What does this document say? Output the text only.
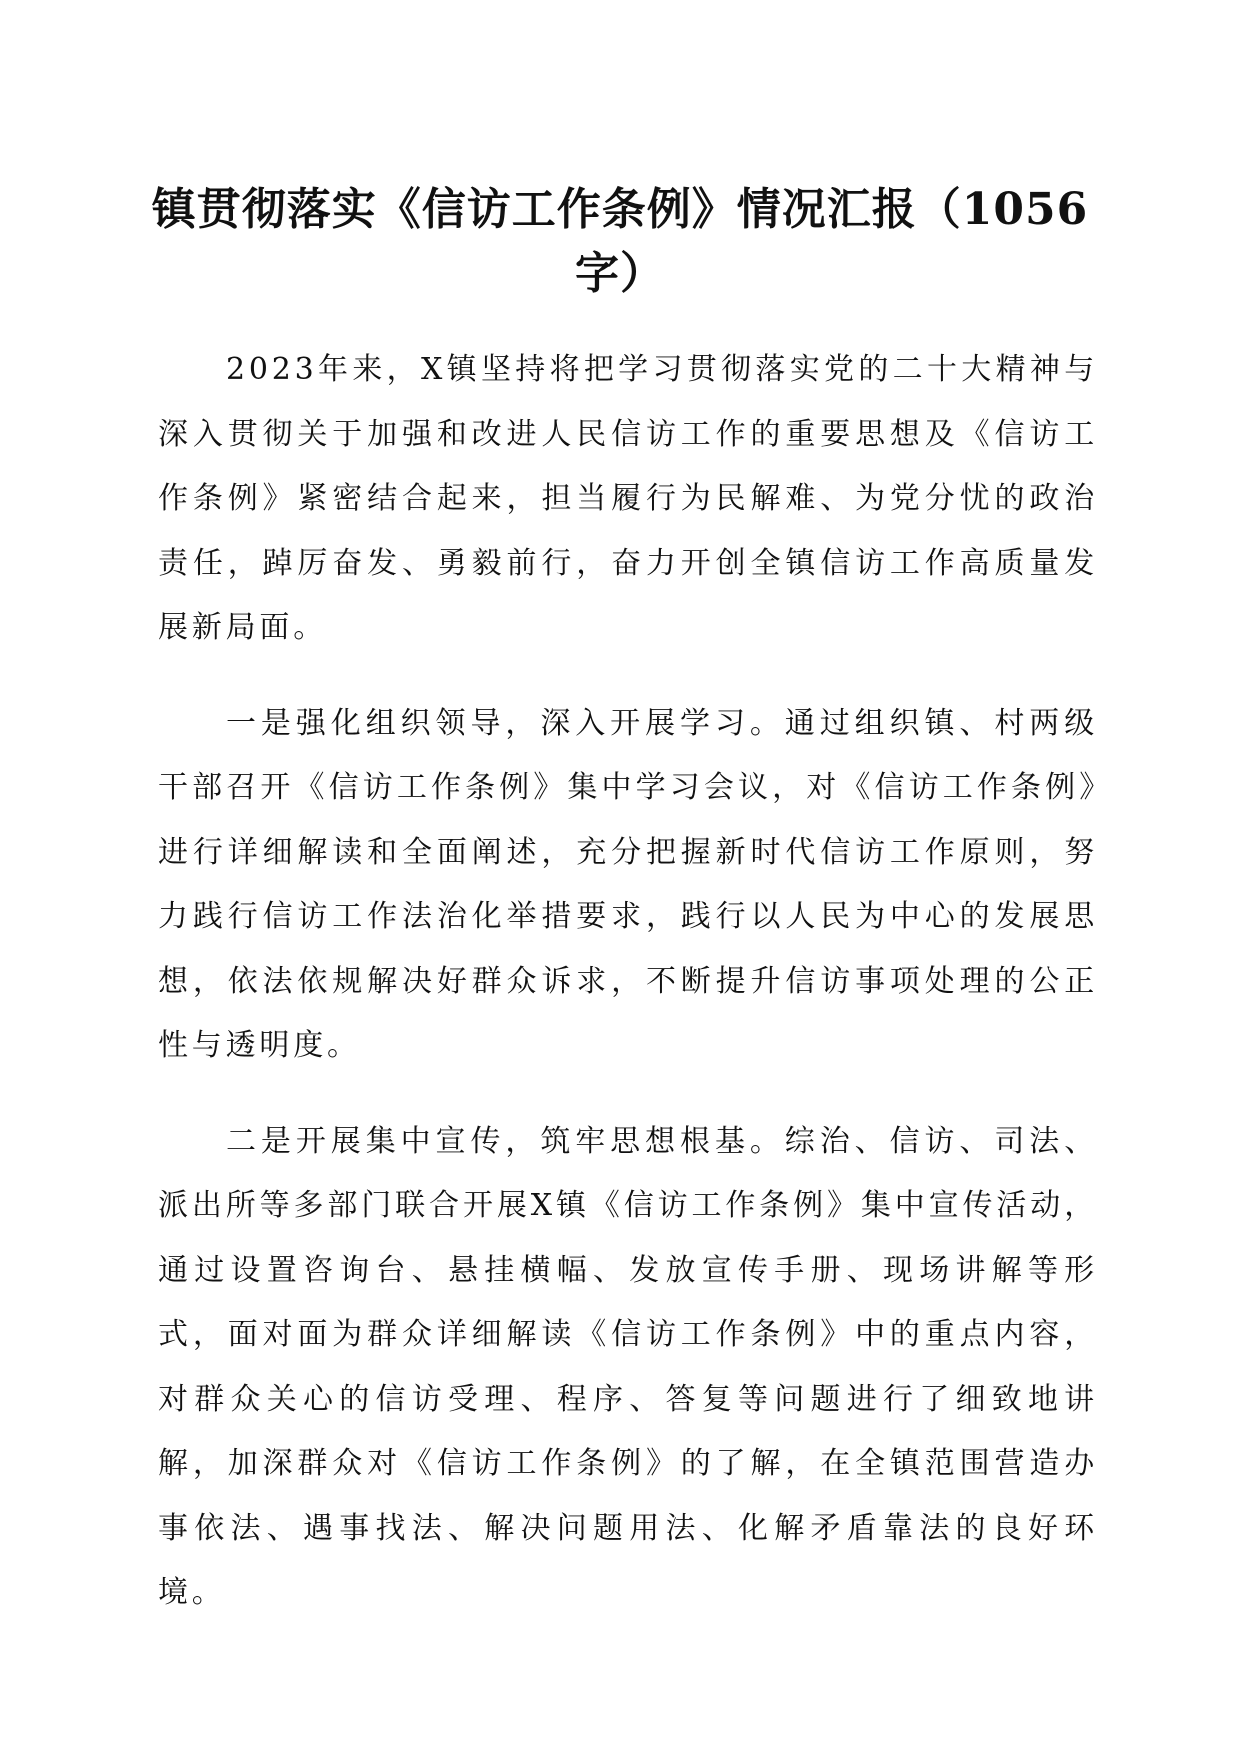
镇贯彻落实《信访工作条例》情况汇报（1056字）

2023年来，X镇坚持将把学习贯彻落实党的二十大精神与深入贯彻关于加强和改进人民信访工作的重要思想及《信访工作条例》紧密结合起来，担当履行为民解难、为党分忧的政治责任，踔厉奋发、勇毅前行，奋力开创全镇信访工作高质量发展新局面。

一是强化组织领导，深入开展学习。通过组织镇、村两级干部召开《信访工作条例》集中学习会议，对《信访工作条例》进行详细解读和全面阐述，充分把握新时代信访工作原则，努力践行信访工作法治化举措要求，践行以人民为中心的发展思想，依法依规解决好群众诉求，不断提升信访事项处理的公正性与透明度。

二是开展集中宣传，筑牢思想根基。综治、信访、司法、派出所等多部门联合开展X镇《信访工作条例》集中宣传活动，通过设置咨询台、悬挂横幅、发放宣传手册、现场讲解等形式，面对面为群众详细解读《信访工作条例》中的重点内容，对群众关心的信访受理、程序、答复等问题进行了细致地讲解，加深群众对《信访工作条例》的了解，在全镇范围营造办事依法、遇事找法、解决问题用法、化解矛盾靠法的良好环境。
